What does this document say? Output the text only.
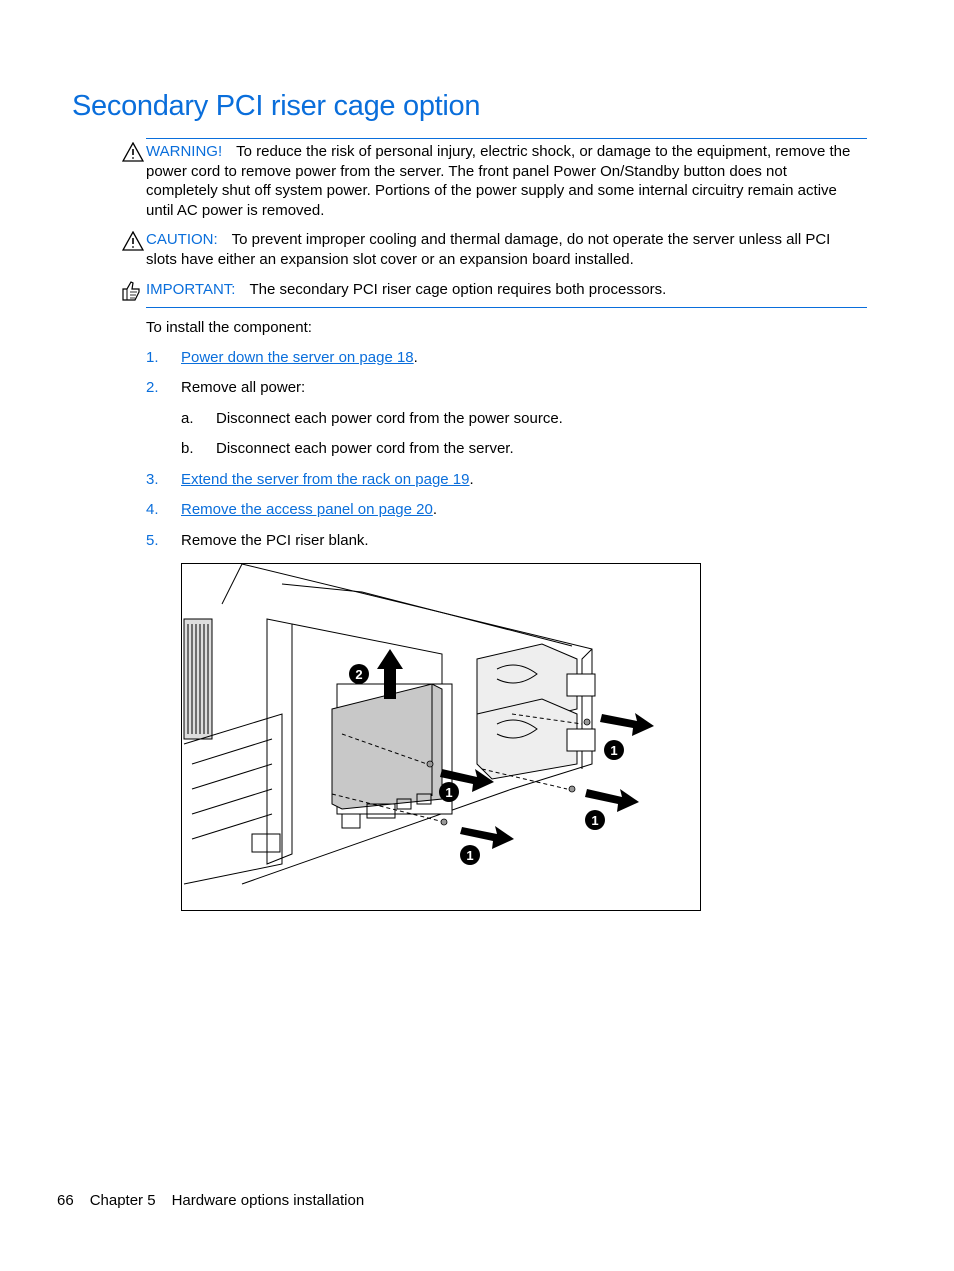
Secondary PCI riser cage option
WARNING! To reduce the risk of personal injury, electric shock, or damage to the equipment, remove the power cord to remove power from the server. The front panel Power On/Standby button does not completely shut off system power. Portions of the power supply and some internal circuitry remain active until AC power is removed.
CAUTION: To prevent improper cooling and thermal damage, do not operate the server unless all PCI slots have either an expansion slot cover or an expansion board installed.
IMPORTANT: The secondary PCI riser cage option requires both processors.
To install the component:
1. Power down the server on page 18.
2. Remove all power:
a. Disconnect each power cord from the power source.
b. Disconnect each power cord from the server.
3. Extend the server from the rack on page 19.
4. Remove the access panel on page 20.
5. Remove the PCI riser blank.
2
1
1
1
1
66 Chapter 5 Hardware options installation
